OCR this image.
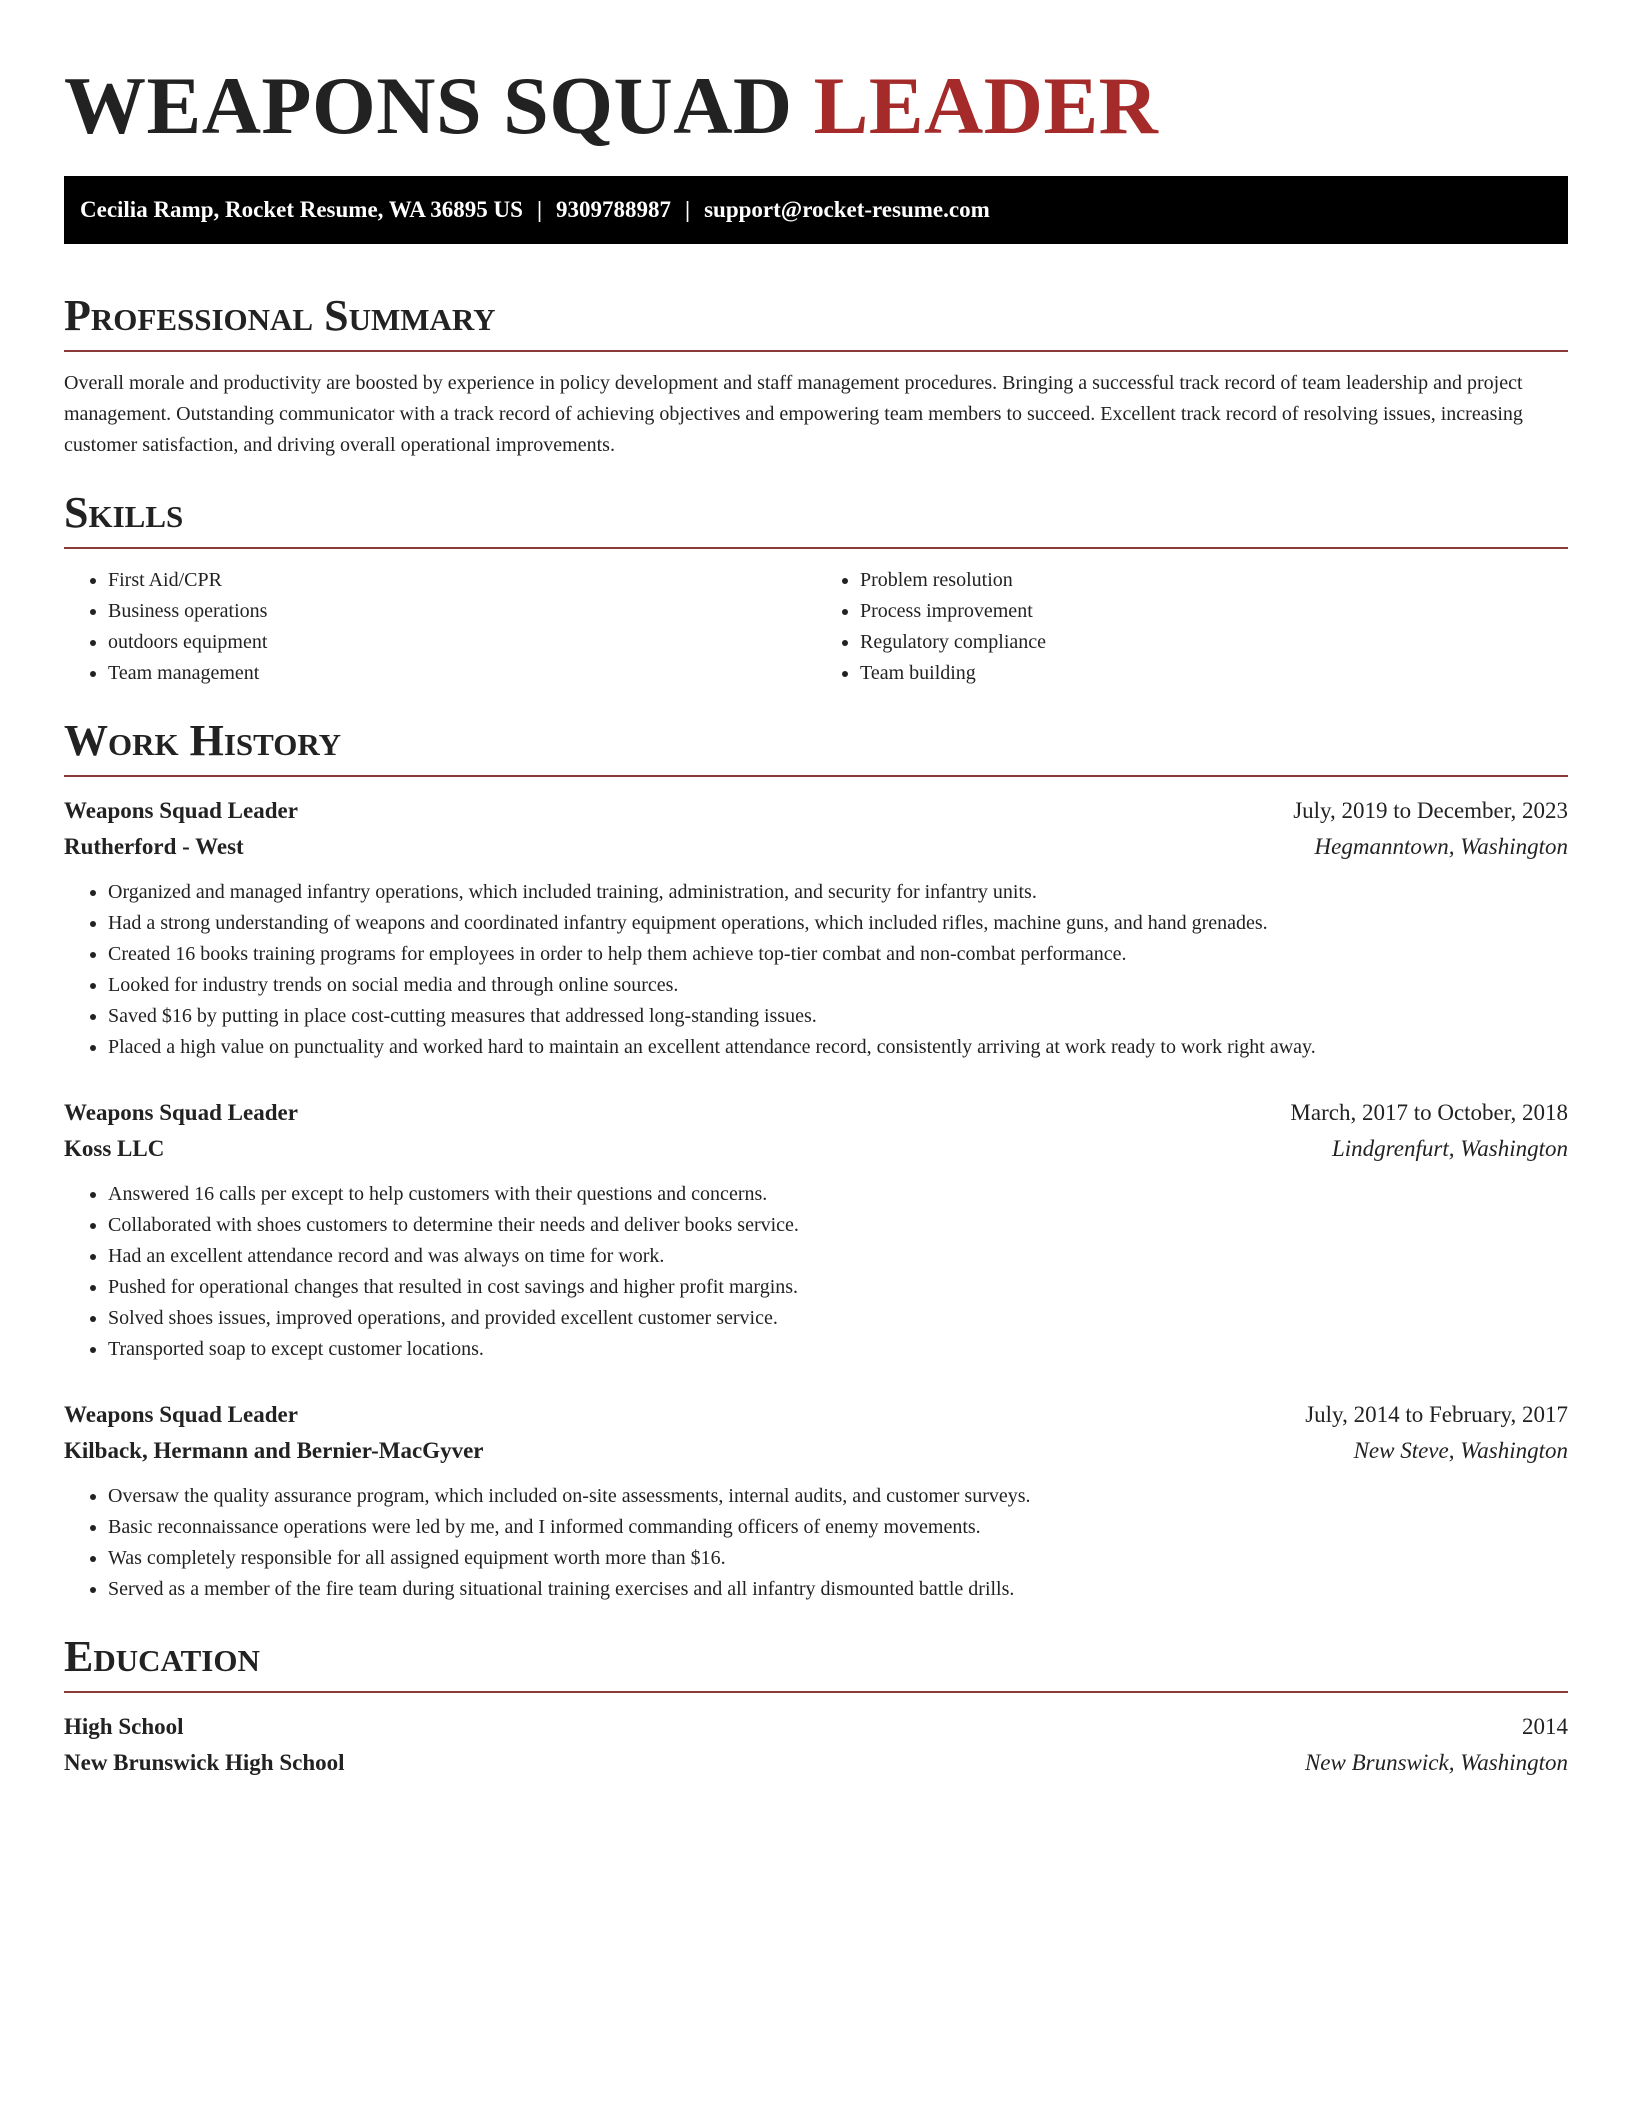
WEAPONS SQUAD LEADER
Cecilia Ramp, Rocket Resume, WA 36895 US | 9309788987 | support@rocket-resume.com
Professional Summary

Overall morale and productivity are boosted by experience in policy development and staff management procedures. Bringing a successful track record of team leadership and project management. Outstanding communicator with a track record of achieving objectives and empowering team members to succeed. Excellent track record of resolving issues, increasing customer satisfaction, and driving overall operational improvements.

Skills
• First Aid/CPR
• Business operations
• outdoors equipment
• Team management
• Problem resolution
• Process improvement
• Regulatory compliance
• Team building
Work History
Weapons Squad Leader	July, 2019 to December, 2023
Rutherford - West	Hegmanntown, Washington
• Organized and managed infantry operations, which included training, administration, and security for infantry units.
• Had a strong understanding of weapons and coordinated infantry equipment operations, which included rifles, machine guns, and hand grenades.
• Created 16 books training programs for employees in order to help them achieve top-tier combat and non-combat performance.
• Looked for industry trends on social media and through online sources.
• Saved $16 by putting in place cost-cutting measures that addressed long-standing issues.
• Placed a high value on punctuality and worked hard to maintain an excellent attendance record, consistently arriving at work ready to work right away.
Weapons Squad Leader	March, 2017 to October, 2018
Koss LLC	Lindgrenfurt, Washington
• Answered 16 calls per except to help customers with their questions and concerns.
• Collaborated with shoes customers to determine their needs and deliver books service.
• Had an excellent attendance record and was always on time for work.
• Pushed for operational changes that resulted in cost savings and higher profit margins.
• Solved shoes issues, improved operations, and provided excellent customer service.
• Transported soap to except customer locations.
Weapons Squad Leader	July, 2014 to February, 2017
Kilback, Hermann and Bernier-MacGyver	New Steve, Washington
• Oversaw the quality assurance program, which included on-site assessments, internal audits, and customer surveys.
• Basic reconnaissance operations were led by me, and I informed commanding officers of enemy movements.
• Was completely responsible for all assigned equipment worth more than $16.
• Served as a member of the fire team during situational training exercises and all infantry dismounted battle drills.
Education
High School	2014
New Brunswick High School	New Brunswick, Washington
